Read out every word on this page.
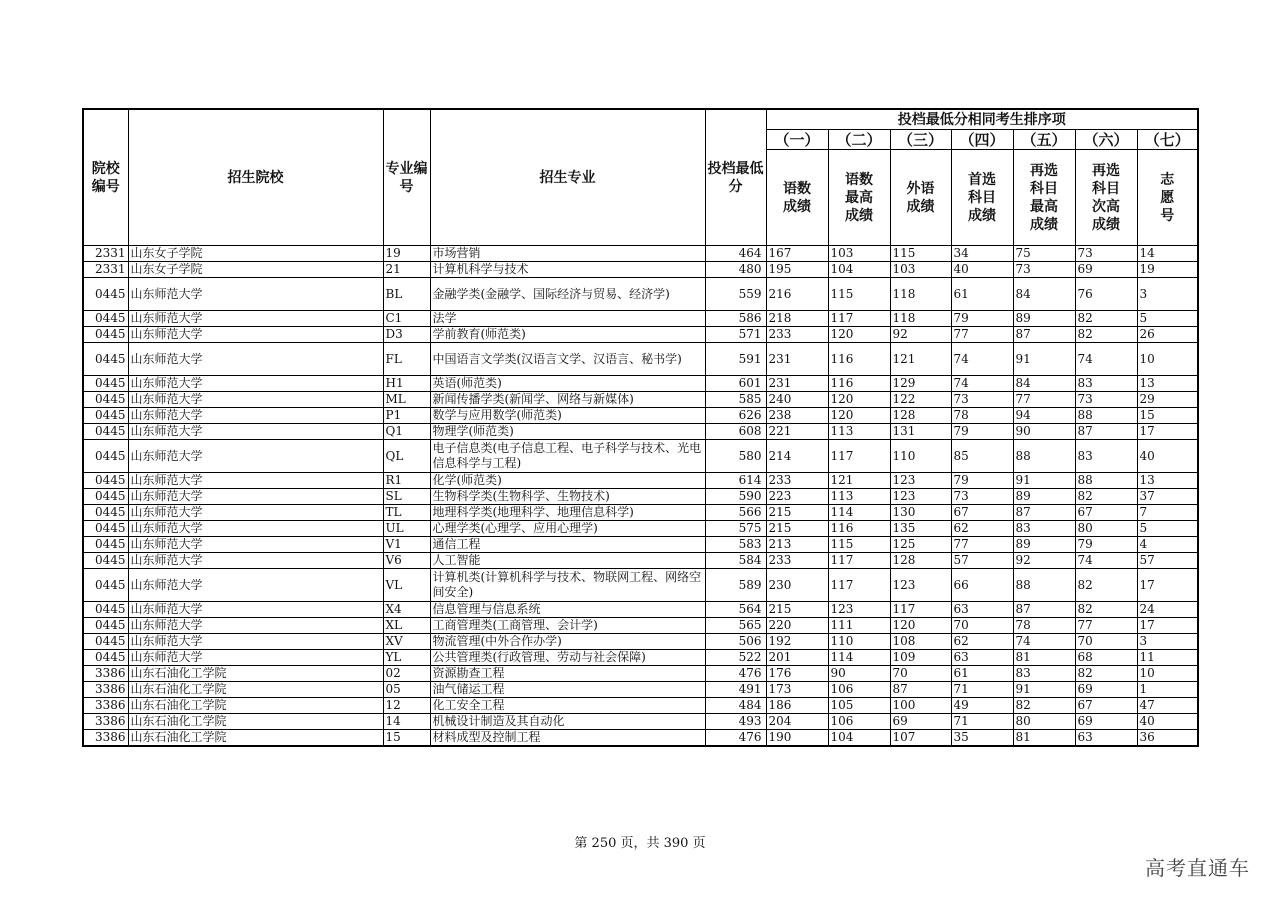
院校编号	招生院校	专业编号	招生专业	投档最低分	投档最低分相同考生排序项						
					（一）	（二）	（三）	（四）	（五）	（六）	（七）
					语数成绩	语数最高成绩	外语成绩	首选科目成绩	再选科目最高成绩	再选科目次高成绩	志愿号
2331	山东女子学院	19	市场营销	464	167	103	115	34	75	73	14
2331	山东女子学院	21	计算机科学与技术	480	195	104	103	40	73	69	19
0445	山东师范大学	BL	金融学类(金融学、国际经济与贸易、经济学)	559	216	115	118	61	84	76	3
0445	山东师范大学	C1	法学	586	218	117	118	79	89	82	5
0445	山东师范大学	D3	学前教育(师范类)	571	233	120	92	77	87	82	26
0445	山东师范大学	FL	中国语言文学类(汉语言文学、汉语言、秘书学)	591	231	116	121	74	91	74	10
0445	山东师范大学	H1	英语(师范类)	601	231	116	129	74	84	83	13
0445	山东师范大学	ML	新闻传播学类(新闻学、网络与新媒体)	585	240	120	122	73	77	73	29
0445	山东师范大学	P1	数学与应用数学(师范类)	626	238	120	128	78	94	88	15
0445	山东师范大学	Q1	物理学(师范类)	608	221	113	131	79	90	87	17
0445	山东师范大学	QL	电子信息类(电子信息工程、电子科学与技术、光电信息科学与工程)	580	214	117	110	85	88	83	40
0445	山东师范大学	R1	化学(师范类)	614	233	121	123	79	91	88	13
0445	山东师范大学	SL	生物科学类(生物科学、生物技术)	590	223	113	123	73	89	82	37
0445	山东师范大学	TL	地理科学类(地理科学、地理信息科学)	566	215	114	130	67	87	67	7
0445	山东师范大学	UL	心理学类(心理学、应用心理学)	575	215	116	135	62	83	80	5
0445	山东师范大学	V1	通信工程	583	213	115	125	77	89	79	4
0445	山东师范大学	V6	人工智能	584	233	117	128	57	92	74	57
0445	山东师范大学	VL	计算机类(计算机科学与技术、物联网工程、网络空间安全)	589	230	117	123	66	88	82	17
0445	山东师范大学	X4	信息管理与信息系统	564	215	123	117	63	87	82	24
0445	山东师范大学	XL	工商管理类(工商管理、会计学)	565	220	111	120	70	78	77	17
0445	山东师范大学	XV	物流管理(中外合作办学)	506	192	110	108	62	74	70	3
0445	山东师范大学	YL	公共管理类(行政管理、劳动与社会保障)	522	201	114	109	63	81	68	11
3386	山东石油化工学院	02	资源勘查工程	476	176	90	70	61	83	82	10
3386	山东石油化工学院	05	油气储运工程	491	173	106	87	71	91	69	1
3386	山东石油化工学院	12	化工安全工程	484	186	105	100	49	82	67	47
3386	山东石油化工学院	14	机械设计制造及其自动化	493	204	106	69	71	80	69	40
3386	山东石油化工学院	15	材料成型及控制工程	476	190	104	107	35	81	63	36
第 250 页，共 390 页
高考直通车
